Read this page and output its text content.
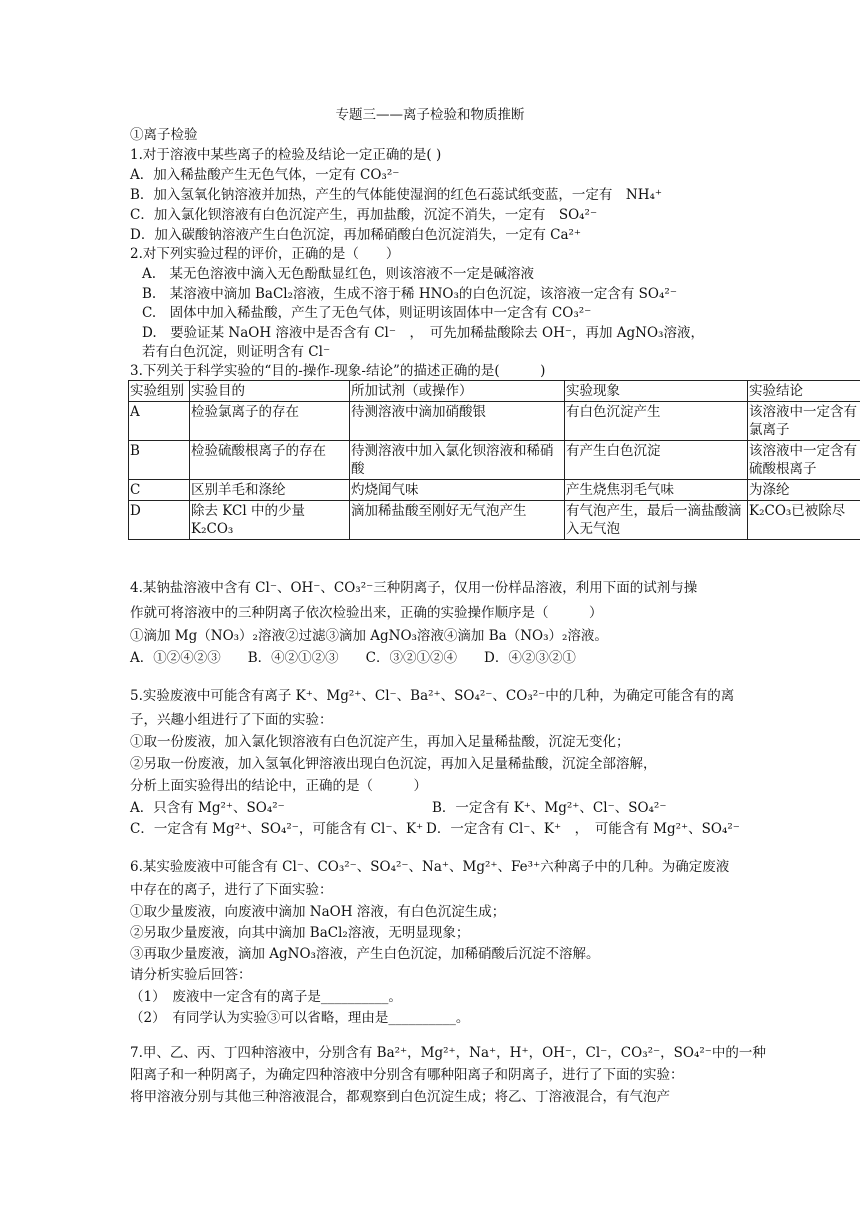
专题三——离子检验和物质推断
①离子检验
1.对于溶液中某些离子的检验及结论一定正确的是( )
A．加入稀盐酸产生无色气体，一定有 CO₃²⁻
B．加入氢氧化钠溶液并加热，产生的气体能使湿润的红色石蕊试纸变蓝，一定有　NH₄⁺
C．加入氯化钡溶液有白色沉淀产生，再加盐酸，沉淀不消失，一定有　SO₄²⁻
D．加入碳酸钠溶液产生白色沉淀，再加稀硝酸白色沉淀消失，一定有 Ca²⁺
2.对下列实验过程的评价，正确的是（　　）
A.　某无色溶液中滴入无色酚酞显红色，则该溶液不一定是碱溶液
B.　某溶液中滴加 BaCl₂溶液，生成不溶于稀 HNO₃的白色沉淀，该溶液一定含有 SO₄²⁻
C.　固体中加入稀盐酸，产生了无色气体，则证明该固体中一定含有 CO₃²⁻
D.　要验证某 NaOH 溶液中是否含有 Cl⁻　，　可先加稀盐酸除去 OH⁻，再加 AgNO₃溶液，
若有白色沉淀，则证明含有 Cl⁻
3.下列关于科学实验的“目的-操作-现象-结论”的描述正确的是(　　　)
实验组别	实验目的	所加试剂（或操作）	实验现象	实验结论
A	检验氯离子的存在	待测溶液中滴加硝酸银	有白色沉淀产生	该溶液中一定含有氯离子
B	检验硫酸根离子的存在	待测溶液中加入氯化钡溶液和稀硝酸	有产生白色沉淀	该溶液中一定含有硫酸根离子
C	区别羊毛和涤纶	灼烧闻气味	产生烧焦羽毛气味	为涤纶
D	除去 KCl 中的少量 K₂CO₃	滴加稀盐酸至刚好无气泡产生	有气泡产生，最后一滴盐酸滴入无气泡	K₂CO₃已被除尽
4.某钠盐溶液中含有 Cl⁻、OH⁻、CO₃²⁻三种阴离子，仅用一份样品溶液，利用下面的试剂与操
作就可将溶液中的三种阴离子依次检验出来，正确的实验操作顺序是（　　　）
①滴加 Mg（NO₃）₂溶液②过滤③滴加 AgNO₃溶液④滴加 Ba（NO₃）₂溶液。
A．①②④②③　　B．④②①②③　　C．③②①②④　　D．④②③②①
5.实验废液中可能含有离子 K⁺、Mg²⁺、Cl⁻、Ba²⁺、SO₄²⁻、CO₃²⁻中的几种，为确定可能含有的离
子，兴趣小组进行了下面的实验：
①取一份废液，加入氯化钡溶液有白色沉淀产生，再加入足量稀盐酸，沉淀无变化；
②另取一份废液，加入氢氧化钾溶液出现白色沉淀，再加入足量稀盐酸，沉淀全部溶解，
分析上面实验得出的结论中，正确的是（　　　）
A．只含有 Mg²⁺、SO₄²⁻	B．一定含有 K⁺、Mg²⁺、Cl⁻、SO₄²⁻
C．一定含有 Mg²⁺、SO₄²⁻，可能含有 Cl⁻、K⁺ D．一定含有 Cl⁻、K⁺　，　可能含有 Mg²⁺、SO₄²⁻
6.某实验废液中可能含有 Cl⁻、CO₃²⁻、SO₄²⁻、Na⁺、Mg²⁺、Fe³⁺六种离子中的几种。为确定废液
中存在的离子，进行了下面实验：
①取少量废液，向废液中滴加 NaOH 溶液，有白色沉淀生成；
②另取少量废液，向其中滴加 BaCl₂溶液，无明显现象；
③再取少量废液，滴加 AgNO₃溶液，产生白色沉淀，加稀硝酸后沉淀不溶解。
请分析实验后回答：
（1）　废液中一定含有的离子是__________。
（2）　有同学认为实验③可以省略，理由是__________。
7.甲、乙、丙、丁四种溶液中，分别含有 Ba²⁺，Mg²⁺，Na⁺，H⁺，OH⁻，Cl⁻，CO₃²⁻，SO₄²⁻中的一种
阳离子和一种阴离子，为确定四种溶液中分别含有哪种阳离子和阴离子，进行了下面的实验：
将甲溶液分别与其他三种溶液混合，都观察到白色沉淀生成；将乙、丁溶液混合，有气泡产
